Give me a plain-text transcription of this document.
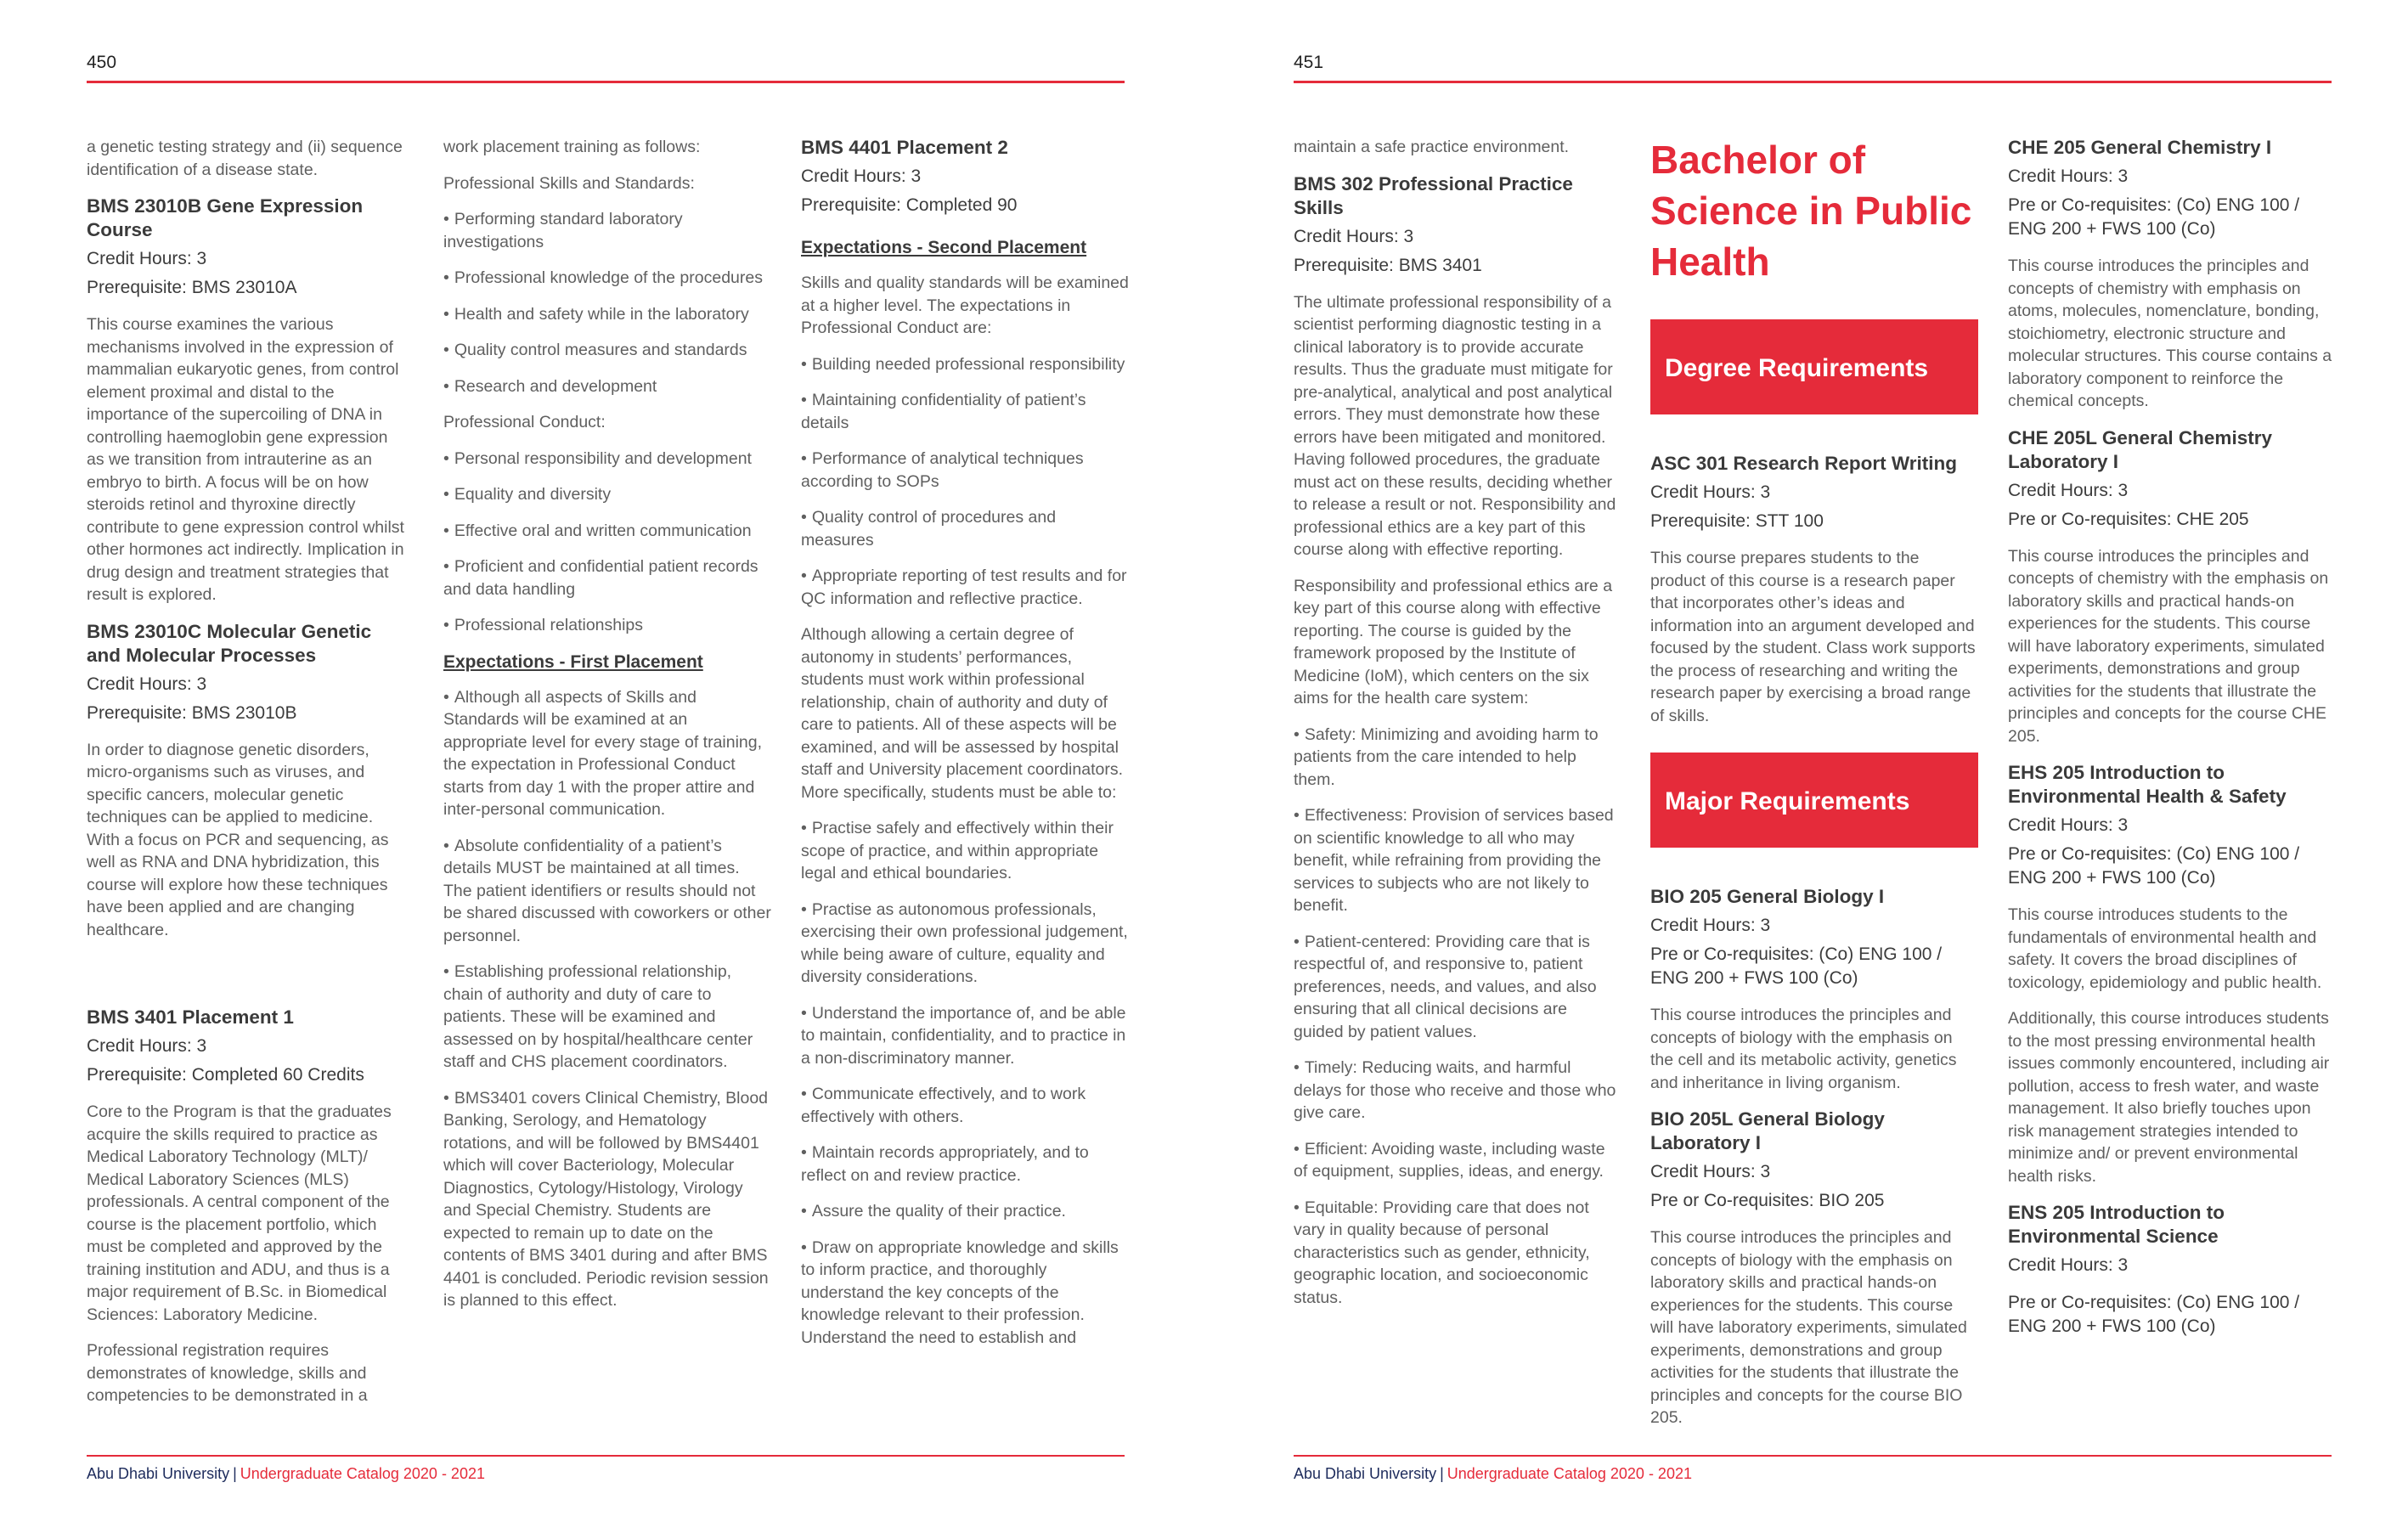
450

a genetic testing strategy and (ii) sequence identification of a disease state.

BMS 23010B Gene Expression Course
Credit Hours: 3
Prerequisite: BMS 23010A

This course examines the various mechanisms involved in the expression of mammalian eukaryotic genes, from control element proximal and distal to the importance of the supercoiling of DNA in controlling haemoglobin gene expression as we transition from intrauterine as an embryo to birth. A focus will be on how steroids retinol and thyroxine directly contribute to gene expression control whilst other hormones act indirectly. Implication in drug design and treatment strategies that result is explored.

BMS 23010C Molecular Genetic and Molecular Processes
Credit Hours: 3
Prerequisite: BMS 23010B

In order to diagnose genetic disorders, micro-organisms such as viruses, and specific cancers, molecular genetic techniques can be applied to medicine. With a focus on PCR and sequencing, as well as RNA and DNA hybridization, this course will explore how these techniques have been applied and are changing healthcare.

BMS 3401 Placement 1
Credit Hours: 3
Prerequisite: Completed 60 Credits

Core to the Program is that the graduates acquire the skills required to practice as Medical Laboratory Technology (MLT)/ Medical Laboratory Sciences (MLS) professionals. A central component of the course is the placement portfolio, which must be completed and approved by the training institution and ADU, and thus is a major requirement of B.Sc. in Biomedical Sciences: Laboratory Medicine.

Professional registration requires demonstrates of knowledge, skills and competencies to be demonstrated in a

work placement training as follows:

Professional Skills and Standards:

• Performing standard laboratory investigations
• Professional knowledge of the procedures
• Health and safety while in the laboratory
• Quality control measures and standards
• Research and development

Professional Conduct:

• Personal responsibility and development
• Equality and diversity
• Effective oral and written communication
• Proficient and confidential patient records and data handling
• Professional relationships
Expectations - First Placement
• Although all aspects of Skills and Standards will be examined at an appropriate level for every stage of training, the expectation in Professional Conduct starts from day 1 with the proper attire and inter-personal communication.
• Absolute confidentiality of a patient’s details MUST be maintained at all times. The patient identifiers or results should not be shared discussed with coworkers or other personnel.
• Establishing professional relationship, chain of authority and duty of care to patients. These will be examined and assessed on by hospital/healthcare center staff and CHS placement coordinators.
• BMS3401 covers Clinical Chemistry, Blood Banking, Serology, and Hematology rotations, and will be followed by BMS4401 which will cover Bacteriology, Molecular Diagnostics, Cytology/Histology, Virology and Special Chemistry. Students are expected to remain up to date on the contents of BMS 3401 during and after BMS 4401 is concluded. Periodic revision session is planned to this effect.
BMS 4401 Placement 2
Credit Hours: 3
Prerequisite: Completed 90
Expectations - Second Placement

Skills and quality standards will be examined at a higher level. The expectations in Professional Conduct are:

• Building needed professional responsibility
• Maintaining confidentiality of patient’s details
• Performance of analytical techniques according to SOPs
• Quality control of procedures and measures
• Appropriate reporting of test results and for QC information and reflective practice.

Although allowing a certain degree of autonomy in students’ performances, students must work within professional relationship, chain of authority and duty of care to patients. All of these aspects will be examined, and will be assessed by hospital staff and University placement coordinators. More specifically, students must be able to:

• Practise safely and effectively within their scope of practice, and within appropriate legal and ethical boundaries.
• Practise as autonomous professionals, exercising their own professional judgement, while being aware of culture, equality and diversity considerations.
• Understand the importance of, and be able to maintain, confidentiality, and to practice in a non-discriminatory manner.
• Communicate effectively, and to work effectively with others.
• Maintain records appropriately, and to reflect on and review practice.
• Assure the quality of their practice.
• Draw on appropriate knowledge and skills to inform practice, and thoroughly understand the key concepts of the knowledge relevant to their profession. Understand the need to establish and
Abu Dhabi University | Undergraduate Catalog 2020 - 2021
451

maintain a safe practice environment.

BMS 302 Professional Practice Skills
Credit Hours: 3
Prerequisite: BMS 3401

The ultimate professional responsibility of a scientist performing diagnostic testing in a clinical laboratory is to provide accurate results. Thus the graduate must mitigate for pre-analytical, analytical and post analytical errors. They must demonstrate how these errors have been mitigated and monitored. Having followed procedures, the graduate must act on these results, deciding whether to release a result or not. Responsibility and professional ethics are a key part of this course along with effective reporting.

Responsibility and professional ethics are a key part of this course along with effective reporting. The course is guided by the framework proposed by the Institute of Medicine (IoM), which centers on the six aims for the health care system:

• Safety: Minimizing and avoiding harm to patients from the care intended to help them.
• Effectiveness: Provision of services based on scientific knowledge to all who may benefit, while refraining from providing the services to subjects who are not likely to benefit.
• Patient-centered: Providing care that is respectful of, and responsive to, patient preferences, needs, and values, and also ensuring that all clinical decisions are guided by patient values.
• Timely: Reducing waits, and harmful delays for those who receive and those who give care.
• Efficient: Avoiding waste, including waste of equipment, supplies, ideas, and energy.
• Equitable: Providing care that does not vary in quality because of personal characteristics such as gender, ethnicity, geographic location, and socioeconomic status.
Bachelor of Science in Public Health
Degree Requirements
ASC 301 Research Report Writing
Credit Hours: 3
Prerequisite: STT 100

This course prepares students to the product of this course is a research paper that incorporates other’s ideas and information into an argument developed and focused by the student. Class work supports the process of researching and writing the research paper by exercising a broad range of skills.

Major Requirements
BIO 205 General Biology I
Credit Hours: 3
Pre or Co-requisites: (Co) ENG 100 / ENG 200 + FWS 100 (Co)

This course introduces the principles and concepts of biology with the emphasis on the cell and its metabolic activity, genetics and inheritance in living organism.

BIO 205L General Biology Laboratory I
Credit Hours: 3
Pre or Co-requisites: BIO 205

This course introduces the principles and concepts of biology with the emphasis on laboratory skills and practical hands-on experiences for the students. This course will have laboratory experiments, simulated experiments, demonstrations and group activities for the students that illustrate the principles and concepts for the course BIO 205.

CHE 205 General Chemistry I
Credit Hours: 3
Pre or Co-requisites: (Co) ENG 100 / ENG 200 + FWS 100 (Co)

This course introduces the principles and concepts of chemistry with emphasis on atoms, molecules, nomenclature, bonding, stoichiometry, electronic structure and molecular structures. This course contains a laboratory component to reinforce the chemical concepts.

CHE 205L General Chemistry Laboratory I
Credit Hours: 3
Pre or Co-requisites: CHE 205

This course introduces the principles and concepts of chemistry with the emphasis on laboratory skills and practical hands-on experiences for the students. This course will have laboratory experiments, simulated experiments, demonstrations and group activities for the students that illustrate the principles and concepts for the course CHE 205.

EHS 205 Introduction to Environmental Health & Safety
Credit Hours: 3
Pre or Co-requisites: (Co) ENG 100 / ENG 200 + FWS 100 (Co)

This course introduces students to the fundamentals of environmental health and safety. It covers the broad disciplines of toxicology, epidemiology and public health.

Additionally, this course introduces students to the most pressing environmental health issues commonly encountered, including air pollution, access to fresh water, and waste management. It also briefly touches upon risk management strategies intended to minimize and/ or prevent environmental health risks.

ENS 205 Introduction to Environmental Science
Credit Hours: 3
Pre or Co-requisites: (Co) ENG 100 / ENG 200 + FWS 100 (Co)
Abu Dhabi University | Undergraduate Catalog 2020 - 2021
